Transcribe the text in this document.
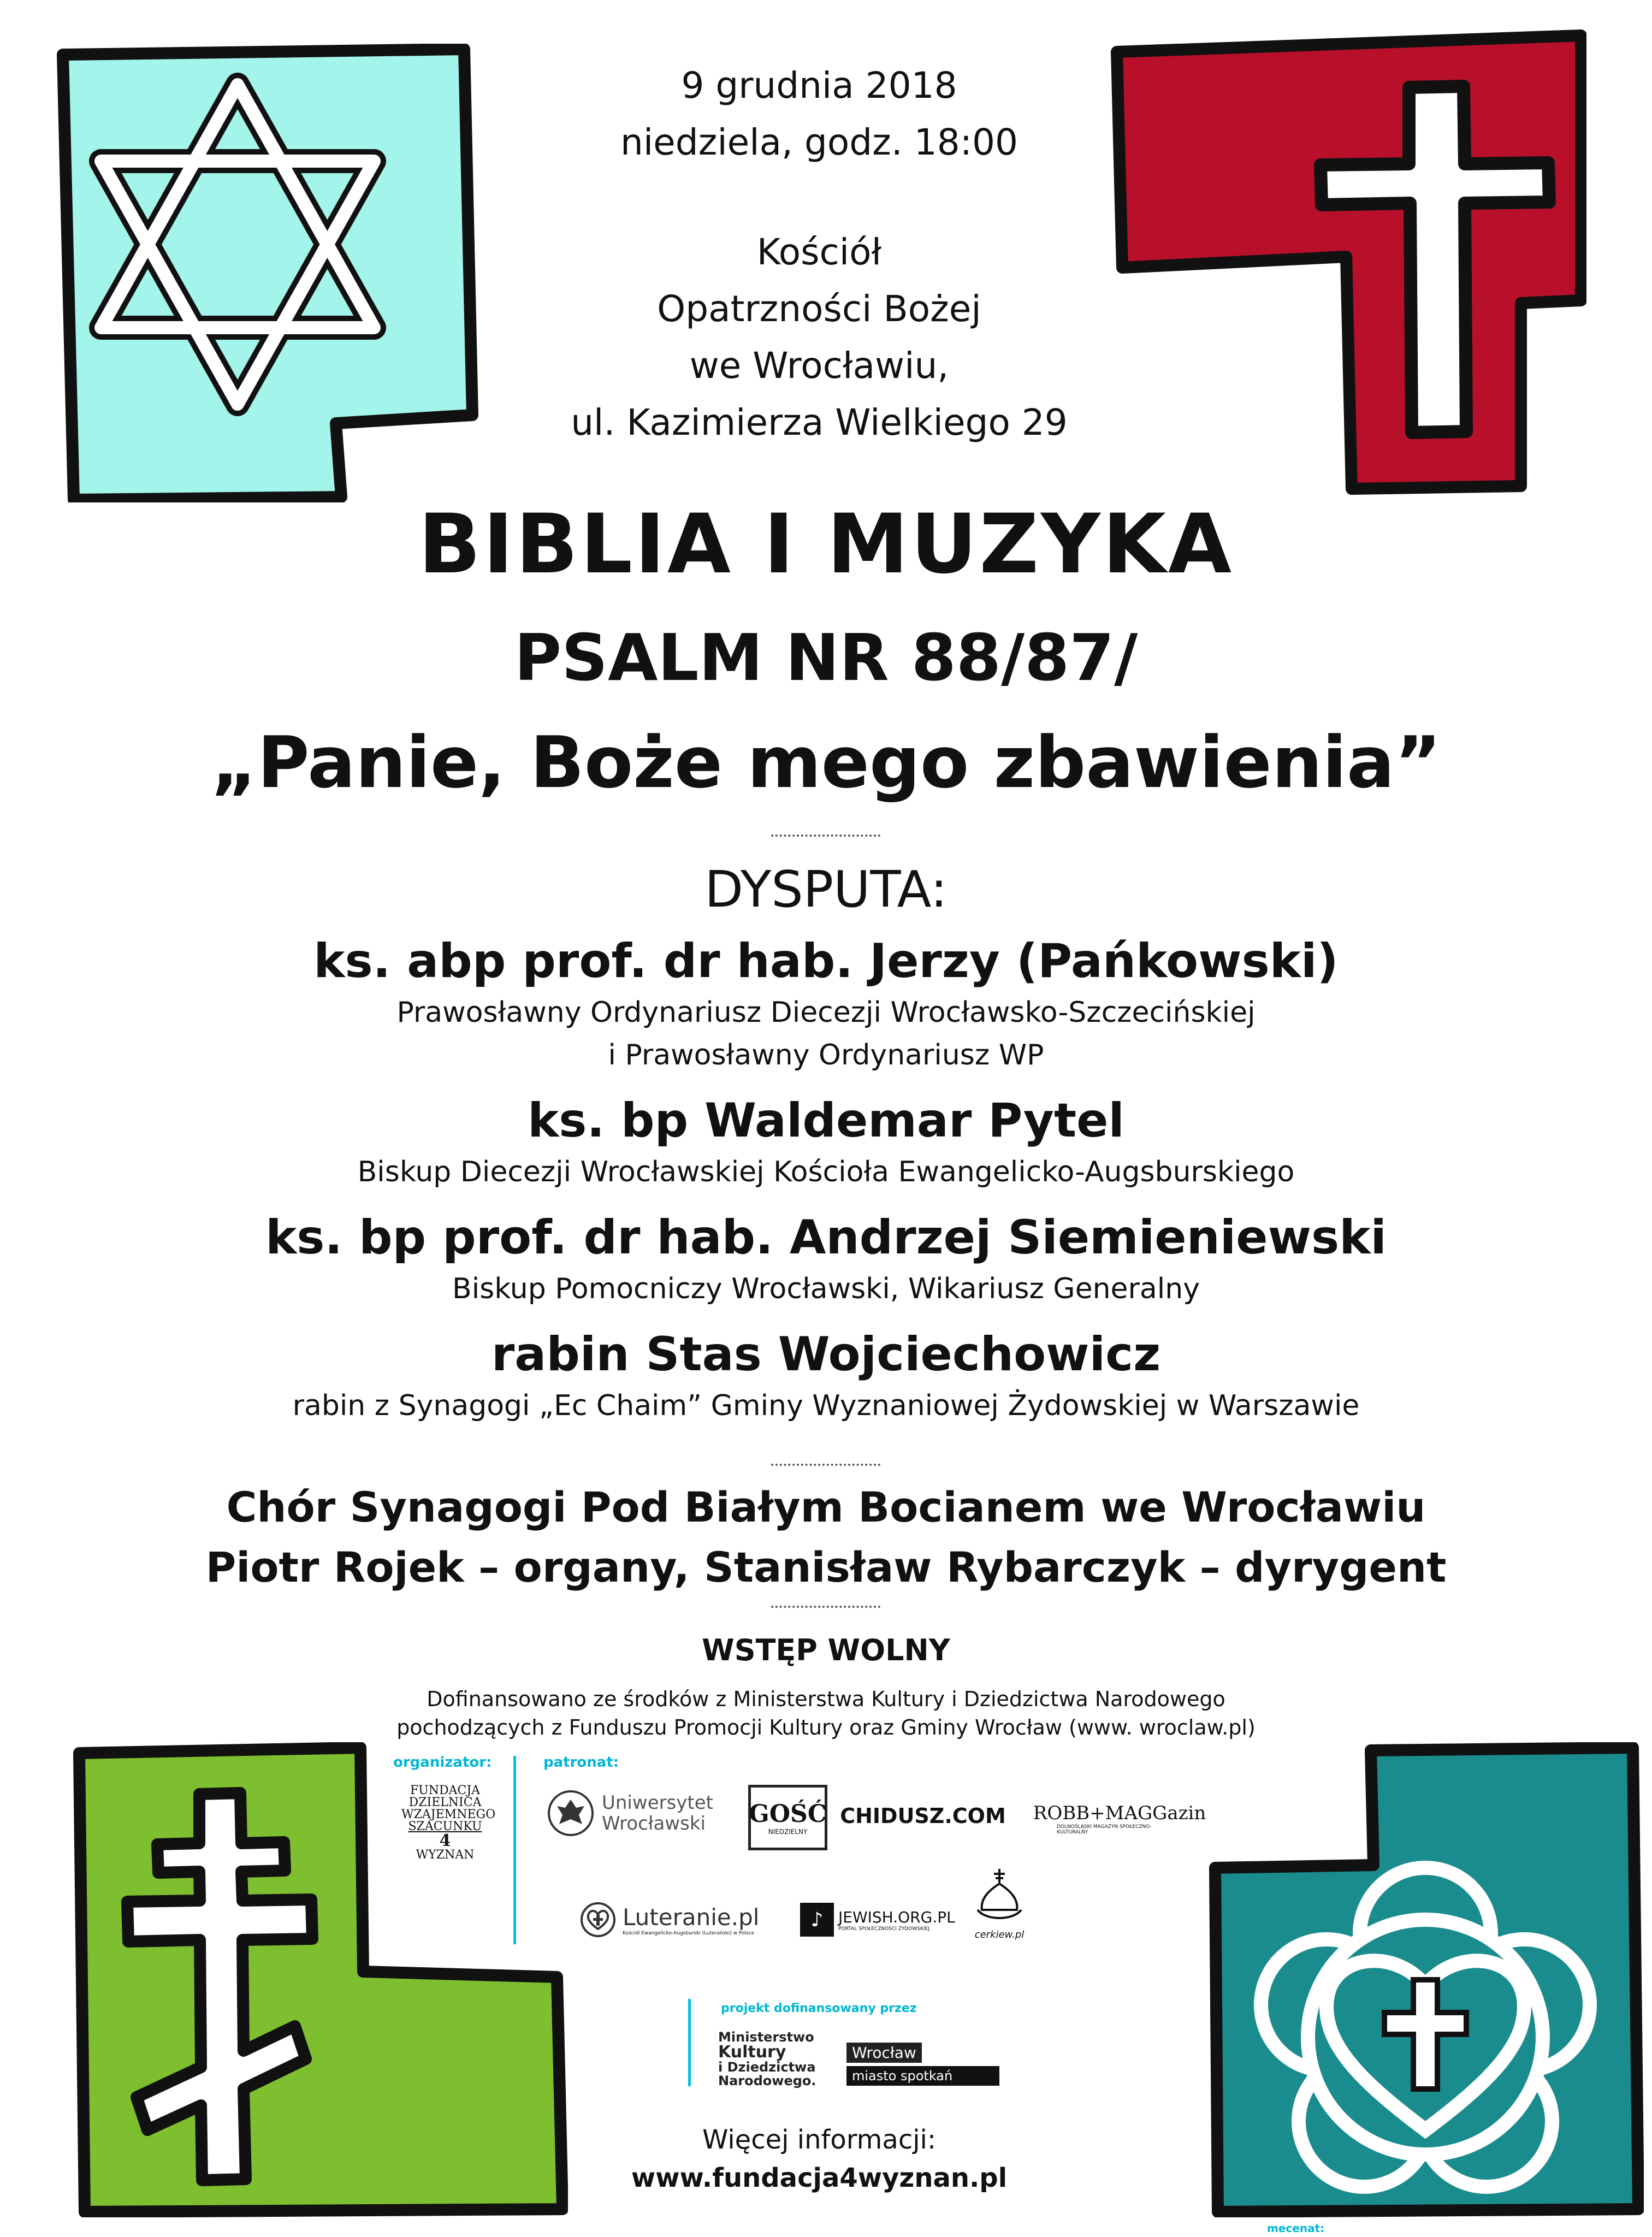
9 grudnia 2018
niedziela, godz. 18:00
Kościół
Opatrzności Bożej
we Wrocławiu,
ul. Kazimierza Wielkiego 29
BIBLIA I MUZYKA
PSALM NR 88/87/
„Panie, Boże mego zbawienia”
DYSPUTA:
ks. abp prof. dr hab. Jerzy (Pańkowski)
Prawosławny Ordynariusz Diecezji Wrocławsko-Szczecińskiej
i Prawosławny Ordynariusz WP
ks. bp Waldemar Pytel
Biskup Diecezji Wrocławskiej Kościoła Ewangelicko-Augsburskiego
ks. bp prof. dr hab. Andrzej Siemieniewski
Biskup Pomocniczy Wrocławski, Wikariusz Generalny
rabin Stas Wojciechowicz
rabin z Synagogi „Ec Chaim” Gminy Wyznaniowej Żydowskiej w Warszawie
Chór Synagogi Pod Białym Bocianem we Wrocławiu
Piotr Rojek – organy, Stanisław Rybarczyk – dyrygent
WSTĘP WOLNY
Dofinansowano ze środków z Ministerstwa Kultury i Dziedzictwa Narodowego
pochodzących z Funduszu Promocji Kultury oraz Gminy Wrocław (www. wroclaw.pl)
organizator:
FUNDACJA
DZIELNICA
WZAJEMNEGO
SZACUNKU
4
WYZNAN
patronat:
Uniwersytet
Wrocławski	GOŚĆ
NIEDZIELNY
CHIDUSZ.COM ROBB+MAGGazin
DOLNOŚLĄSKI MAGAZYN SPOŁECZNO-KULTURALNY
Luteranie.pl
Kościół Ewangelicko-Augsburski (Luterański) w Polsce
♪ JEWISH.ORG.PL
PORTAL SPOŁECZNOŚCI ŻYDOWSKIEJ
cerkiew.pl
projekt dofinansowany przez
Ministerstwo
Kultury
i Dziedzictwa
Narodowego.
Wrocław
miasto spotkań
Więcej informacji:
www.fundacja4wyznan.pl
mecenat:
